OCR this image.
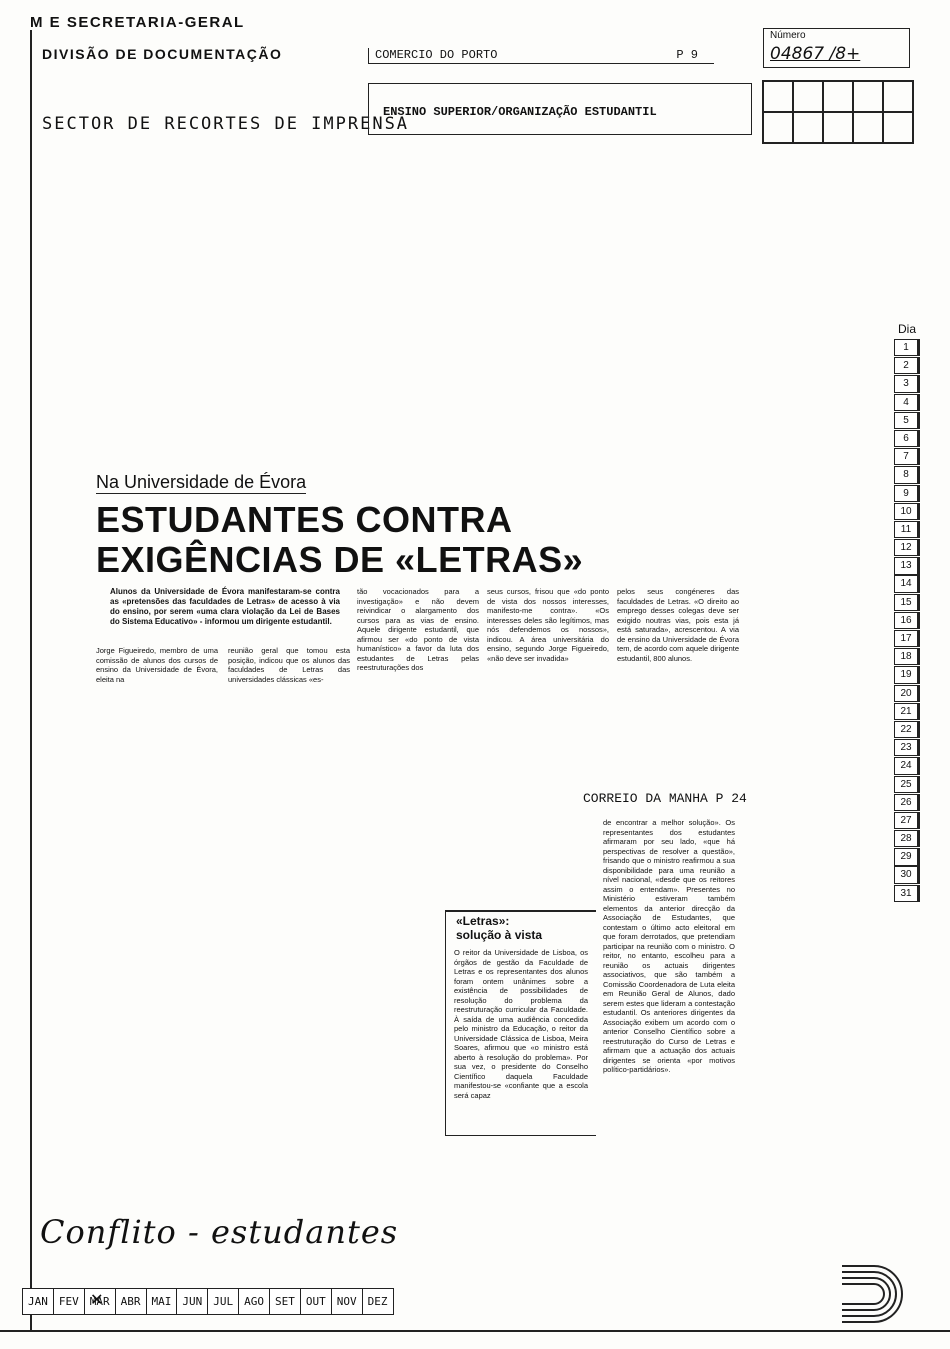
M E SECRETARIA-GERAL
DIVISÃO DE DOCUMENTAÇÃO
SECTOR DE RECORTES DE IMPRENSA
COMERCIO DO PORTO	P 9
ENSINO SUPERIOR/ORGANIZAÇÃO ESTUDANTIL
Número
04867 /8+
Dia
1
2
3
4
5
6
7
8
9
10
11
12
13
14
15
16
17
18
19
20
21
22
23
24
25
26
27
28
29
30
31
Na Universidade de Évora
ESTUDANTES CONTRA EXIGÊNCIAS DE «LETRAS»
Alunos da Universidade de Évora manifestaram-se contra as «pretensões das faculdades de Letras» de acesso à via do ensino, por serem «uma clara violação da Lei de Bases do Sistema Educativo» - informou um dirigente estudantil.
Jorge Figueiredo, membro de uma comissão de alunos dos cursos de ensino da Universidade de Évora, eleita na
reunião geral que tomou esta posição, indicou que os alunos das faculdades de Letras das universidades clássicas «es-
tão vocacionados para a investigação» e não devem reivindicar o alargamento dos cursos para as vias de ensino. Aquele dirigente estudantil, que afirmou ser «do ponto de vista humanístico» a favor da luta dos estudantes de Letras pelas reestruturações dos
seus cursos, frisou que «do ponto de vista dos nossos interesses, manifesto-me contra». «Os interesses deles são legítimos, mas nós defendemos os nossos», indicou. A área universitária do ensino, segundo Jorge Figueiredo, «não deve ser invadida»
pelos seus congéneres das faculdades de Letras. «O direito ao emprego desses colegas deve ser exigido noutras vias, pois esta já está saturada», acrescentou. A via de ensino da Universidade de Évora tem, de acordo com aquele dirigente estudantil, 800 alunos.
CORREIO DA MANHA P 24
«Letras»:
solução à vista
O reitor da Universidade de Lisboa, os órgãos de gestão da Faculdade de Letras e os representantes dos alunos foram ontem unânimes sobre a existência de possibilidades de resolução do problema da reestruturação curricular da Faculdade. À saída de uma audiência concedida pelo ministro da Educação, o reitor da Universidade Clássica de Lisboa, Meira Soares, afirmou que «o ministro está aberto à resolução do problema». Por sua vez, o presidente do Conselho Científico daquela Faculdade manifestou-se «confiante que a escola será capaz
de encontrar a melhor solução». Os representantes dos estudantes afirmaram por seu lado, «que há perspectivas de resolver a questão», frisando que o ministro reafirmou a sua disponibilidade para uma reunião a nível nacional, «desde que os reitores assim o entendam». Presentes no Ministério estiveram também elementos da anterior direcção da Associação de Estudantes, que contestam o último acto eleitoral em que foram derrotados, que pretendiam participar na reunião com o ministro. O reitor, no entanto, escolheu para a reunião os actuais dirigentes associativos, que são também a Comissão Coordenadora de Luta eleita em Reunião Geral de Alunos, dado serem estes que lideram a contestação estudantil. Os anteriores dirigentes da Associação exibem um acordo com o anterior Conselho Científico sobre a reestruturação do Curso de Letras e afirmam que a actuação dos actuais dirigentes se orienta «por motivos político-partidários».
Conflito - estudantes
JAN	FEV	MAR ✕	ABR	MAI	JUN	JUL	AGO	SET	OUT	NOV	DEZ
